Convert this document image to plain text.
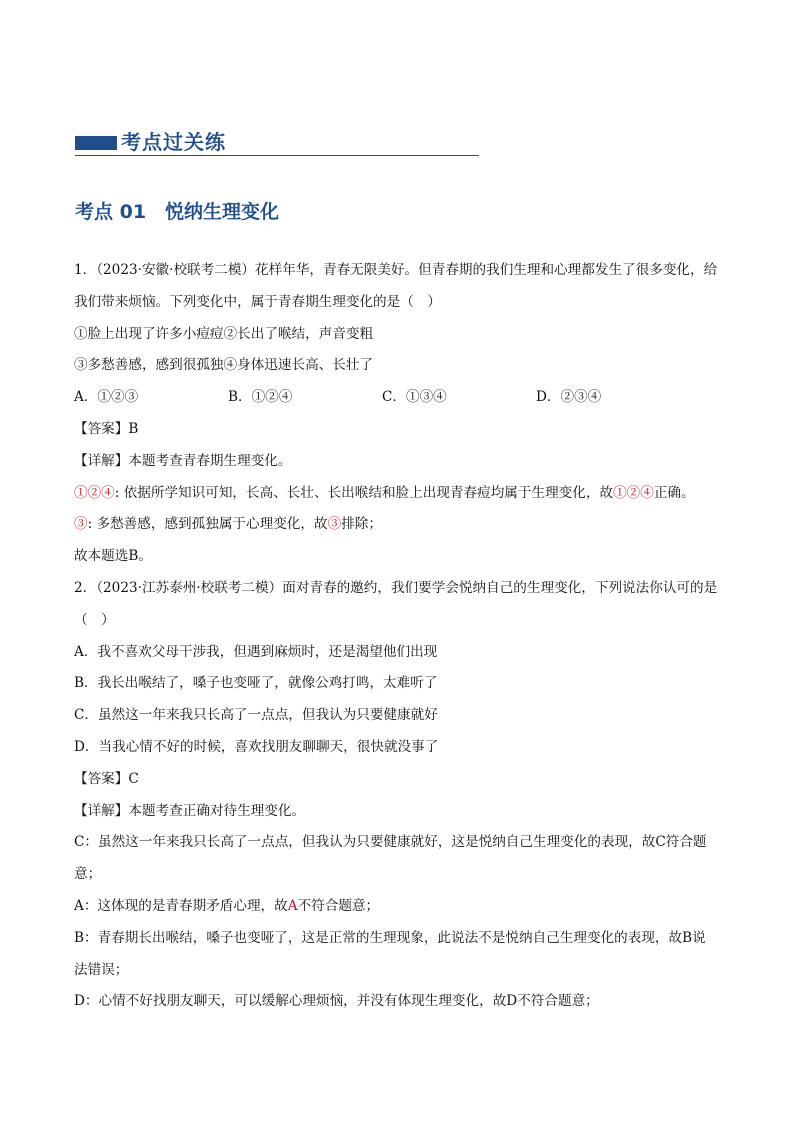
考点过关练
考点 01　悦纳生理变化
1．（2023·安徽·校联考二模）花样年华，青春无限美好。但青春期的我们生理和心理都发生了很多变化，给
我们带来烦恼。下列变化中，属于青春期生理变化的是（　）
①脸上出现了许多小痘痘②长出了喉结，声音变粗
③多愁善感，感到很孤独④身体迅速长高、长壮了
A．①②③	B．①②④	C．①③④	D．②③④
【答案】B
【详解】本题考查青春期生理变化。
①②④: 依据所学知识可知，长高、长壮、长出喉结和脸上出现青春痘均属于生理变化，故①②④正确。
③: 多愁善感，感到孤独属于心理变化，故③排除；
故本题选B。
2．（2023·江苏泰州·校联考二模）面对青春的邀约，我们要学会悦纳自己的生理变化，下列说法你认可的是
（　）
A．我不喜欢父母干涉我，但遇到麻烦时，还是渴望他们出现
B．我长出喉结了，嗓子也变哑了，就像公鸡打鸣，太难听了
C．虽然这一年来我只长高了一点点，但我认为只要健康就好
D．当我心情不好的时候，喜欢找朋友聊聊天，很快就没事了
【答案】C
【详解】本题考查正确对待生理变化。
C：虽然这一年来我只长高了一点点，但我认为只要健康就好，这是悦纳自己生理变化的表现，故C符合题
意；
A：这体现的是青春期矛盾心理，故A不符合题意；
B：青春期长出喉结，嗓子也变哑了，这是正常的生理现象，此说法不是悦纳自己生理变化的表现，故B说
法错误；
D：心情不好找朋友聊天，可以缓解心理烦恼，并没有体现生理变化，故D不符合题意；
